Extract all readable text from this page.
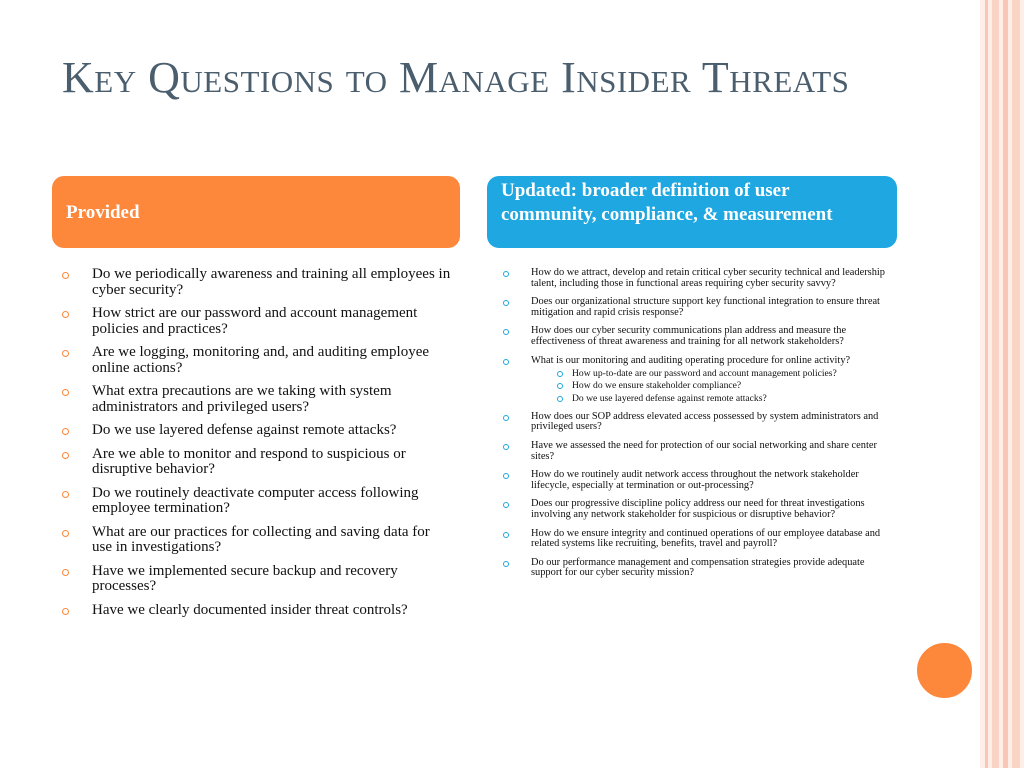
Key Questions to Manage Insider Threats
Provided
Updated: broader definition of user community, compliance, & measurement
Do we periodically awareness and training all employees in cyber security?
How strict are our password and account management policies and practices?
Are we logging, monitoring and, and auditing employee online actions?
What extra precautions are we taking with system administrators and privileged users?
Do we use layered defense against remote attacks?
Are we able to monitor and respond to suspicious or disruptive behavior?
Do we routinely deactivate computer access following employee termination?
What are our practices for collecting and saving data for use in investigations?
Have we implemented secure backup and recovery processes?
Have we clearly documented insider threat controls?
How do we attract, develop and retain critical cyber security technical and leadership talent, including those in functional areas requiring cyber security savvy?
Does our organizational structure support key functional integration to ensure threat mitigation and rapid crisis response?
How does our cyber security communications plan address and measure the effectiveness of threat awareness and training for all network stakeholders?
What is our monitoring and auditing operating procedure for online activity?
How up-to-date are our password and account management policies?
How do we ensure stakeholder compliance?
Do we use layered defense against remote attacks?
How does our SOP address elevated access possessed by system administrators and privileged users?
Have we assessed the need for protection of our social networking and share center sites?
How do we routinely audit network access throughout the network stakeholder lifecycle, especially at termination or out-processing?
Does our progressive discipline policy address our need for threat investigations involving any network stakeholder for suspicious or disruptive behavior?
How do we ensure integrity and continued operations of our employee database and related systems like recruiting, benefits, travel and payroll?
Do our performance management and compensation strategies provide adequate support for our cyber security mission?
